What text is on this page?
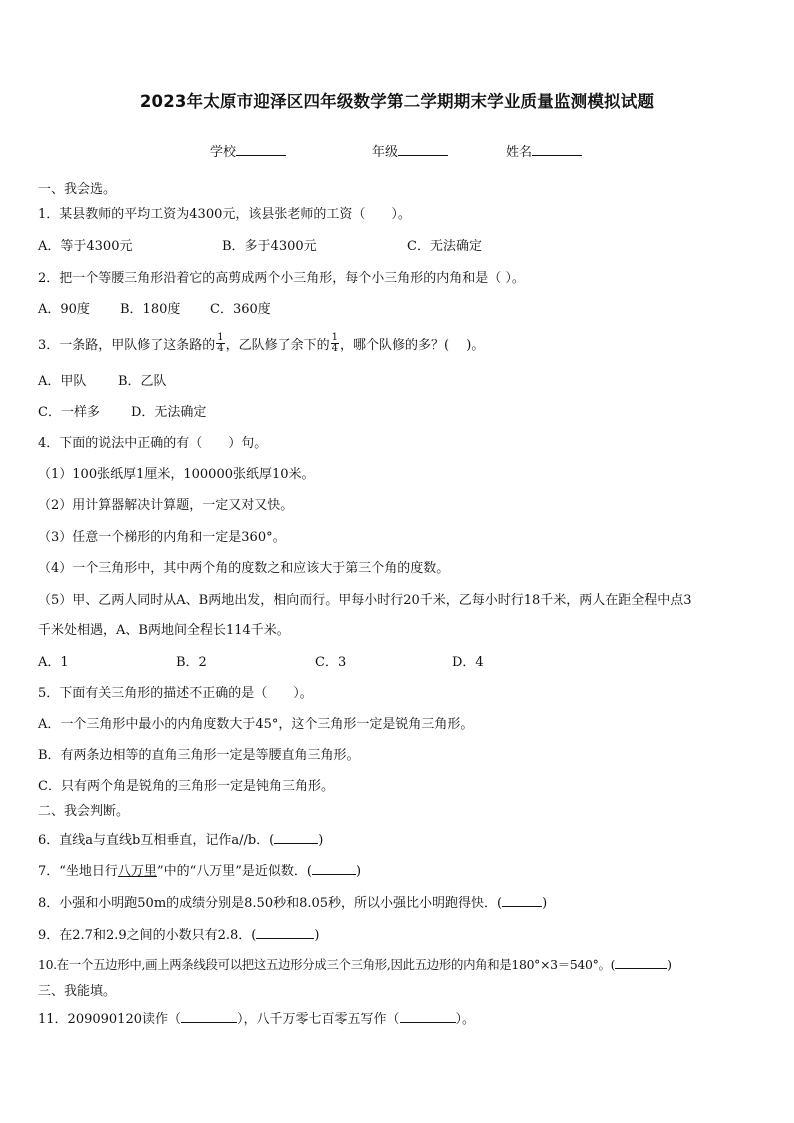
2023年太原市迎泽区四年级数学第二学期期末学业质量监测模拟试题
学校	年级	姓名
一、我会选。
1．某县教师的平均工资为4300元，该县张老师的工资（　　）。
A．等于4300元	B．多于4300元	C．无法确定
2．把一个等腰三角形沿着它的高剪成两个小三角形，每个小三角形的内角和是（ ）。
A．90度 B．180度 C．360度
3．一条路，甲队修了这条路的 $\frac{1}{4}$ ，乙队修了余下的 $\frac{1}{4}$ ，哪个队修的多？(　 )。
A．甲队 B．乙队
C．一样多 D．无法确定
4．下面的说法中正确的有（　　）句。
（1）100张纸厚1厘米，100000张纸厚10米。
（2）用计算器解决计算题，一定又对又快。
（3）任意一个梯形的内角和一定是360°。
（4）一个三角形中，其中两个角的度数之和应该大于第三个角的度数。
（5）甲、乙两人同时从A、B两地出发，相向而行。甲每小时行20千米，乙每小时行18千米，两人在距全程中点3
千米处相遇，A、B两地间全程长114千米。
A．1	B．2	C．3	D．4
5．下面有关三角形的描述不正确的是（　　）。
A．一个三角形中最小的内角度数大于45°，这个三角形一定是锐角三角形。
B．有两条边相等的直角三角形一定是等腰直角三角形。
C．只有两个角是锐角的三角形一定是钝角三角形。
二、我会判断。
6．直线a与直线b互相垂直，记作a//b．(	)
7．“坐地日行八万里”中的“八万里”是近似数．(	)
8．小强和小明跑50m的成绩分别是8.50秒和8.05秒，所以小强比小明跑得快．(	)
9．在2.7和2.9之间的小数只有2.8．(	)
10.在一个五边形中,画上两条线段可以把这五边形分成三个三角形,因此五边形的内角和是180°×3＝540°。(	)
三、我能填。
11．209090120读作（	），八千万零七百零五写作（	）。
